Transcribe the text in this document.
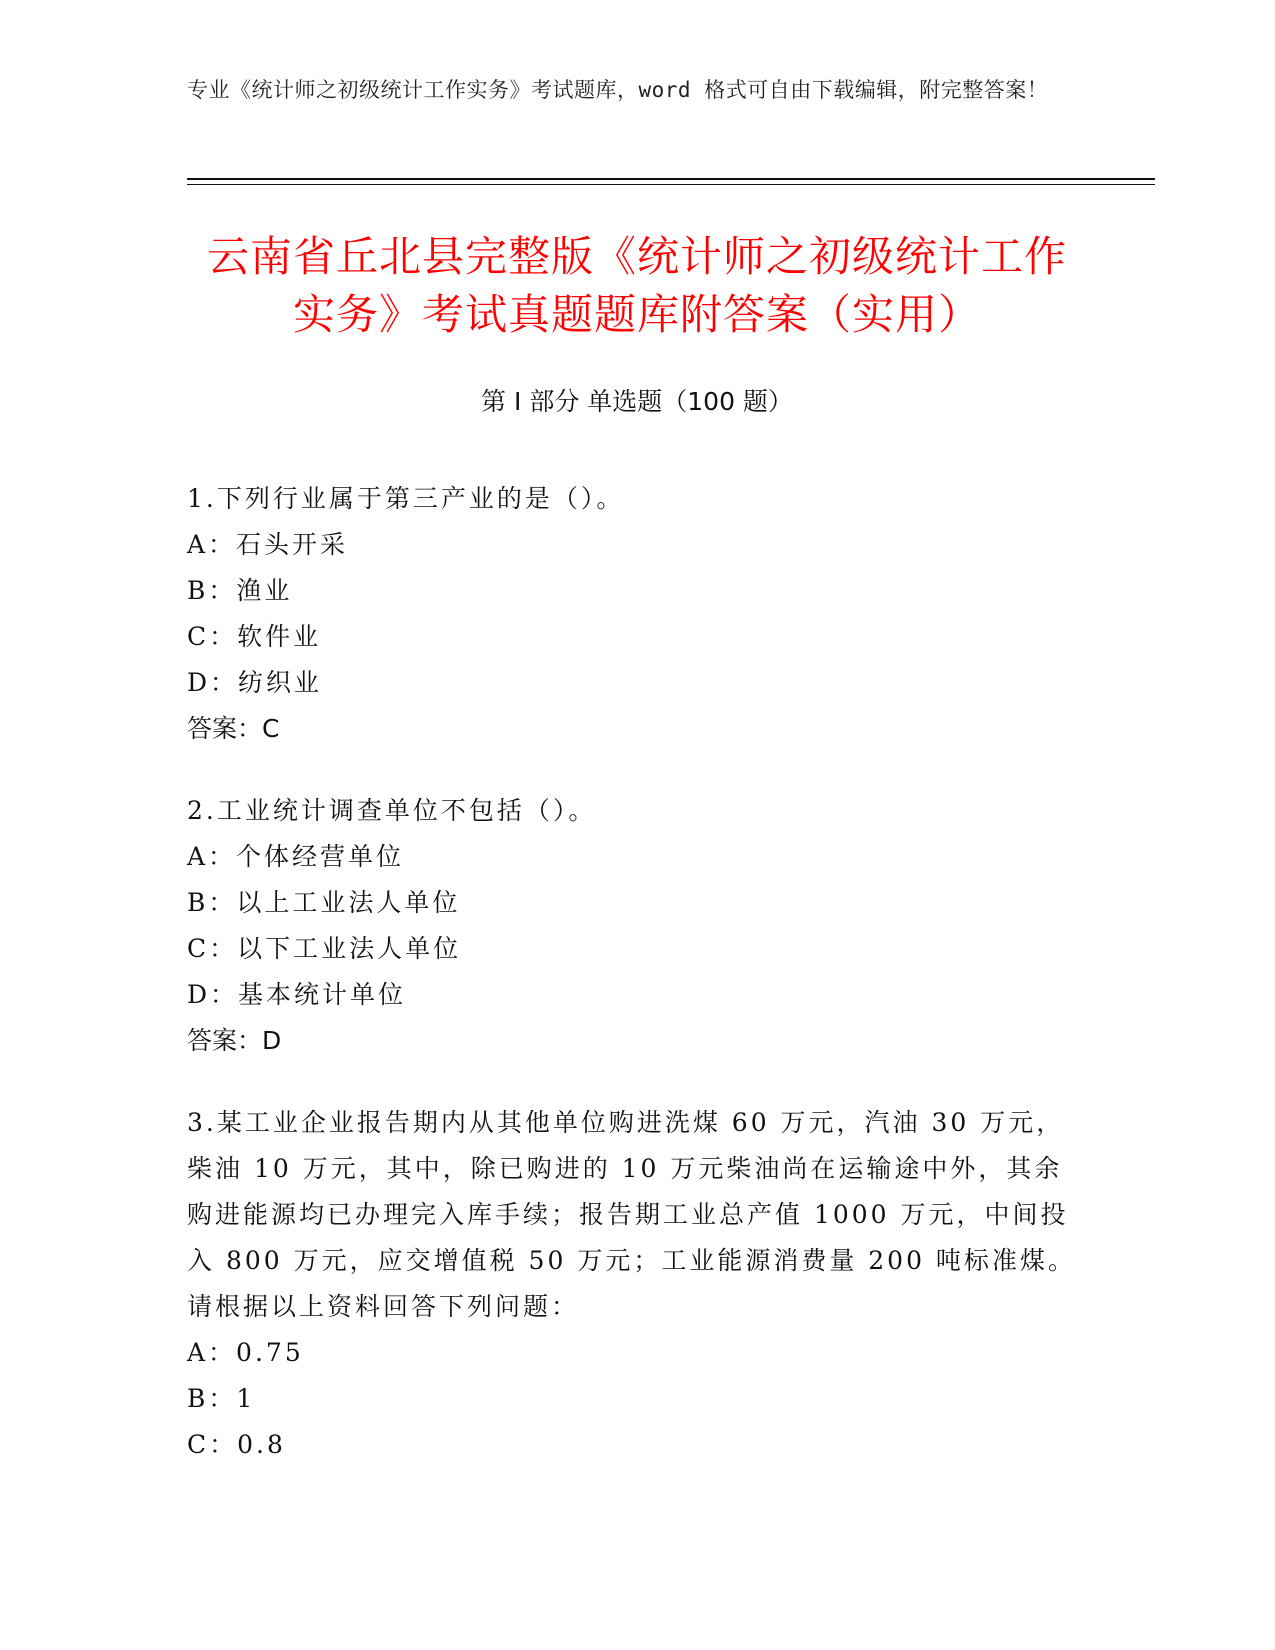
专业《统计师之初级统计工作实务》考试题库，word 格式可自由下载编辑，附完整答案！
云南省丘北县完整版《统计师之初级统计工作实务》考试真题题库附答案（实用）
第 I 部分 单选题（100 题）
1.下列行业属于第三产业的是（）。
A：石头开采
B：渔业
C：软件业
D：纺织业
答案：C
2.工业统计调查单位不包括（）。
A：个体经营单位
B：以上工业法人单位
C：以下工业法人单位
D：基本统计单位
答案：D
3.某工业企业报告期内从其他单位购进洗煤 60 万元，汽油 30 万元，柴油 10 万元，其中，除已购进的 10 万元柴油尚在运输途中外，其余购进能源均已办理完入库手续；报告期工业总产值 1000 万元，中间投入 800 万元，应交增值税 50 万元；工业能源消费量 200 吨标准煤。请根据以上资料回答下列问题：
A：0.75
B：1
C：0.8
